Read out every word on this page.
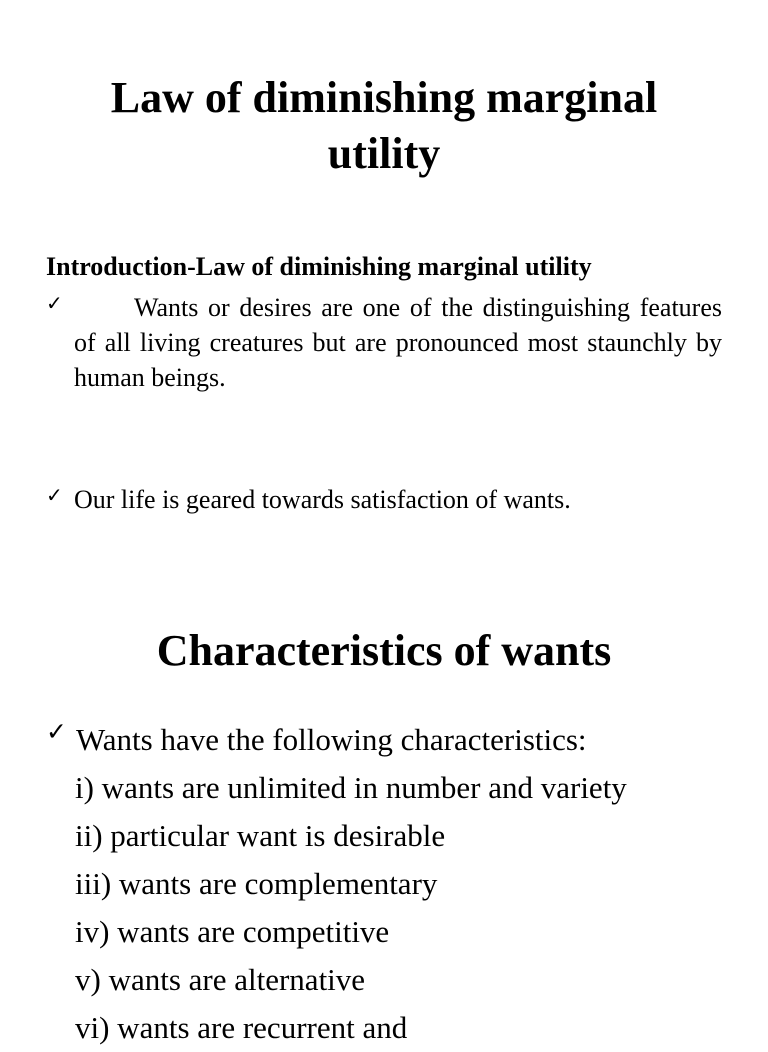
Law of diminishing marginal utility

Introduction-Law of diminishing marginal utility

✓	Wants or desires are one of the distinguishing features of all living creatures but are pronounced most staunchly by human beings.
✓ Our life is geared towards satisfaction of wants.
Characteristics of wants
✓ Wants have the following characteristics:
i) wants are unlimited in number and variety
ii) particular want is desirable
iii) wants are complementary
iv) wants are competitive
v) wants are alternative
vi) wants are recurrent and
